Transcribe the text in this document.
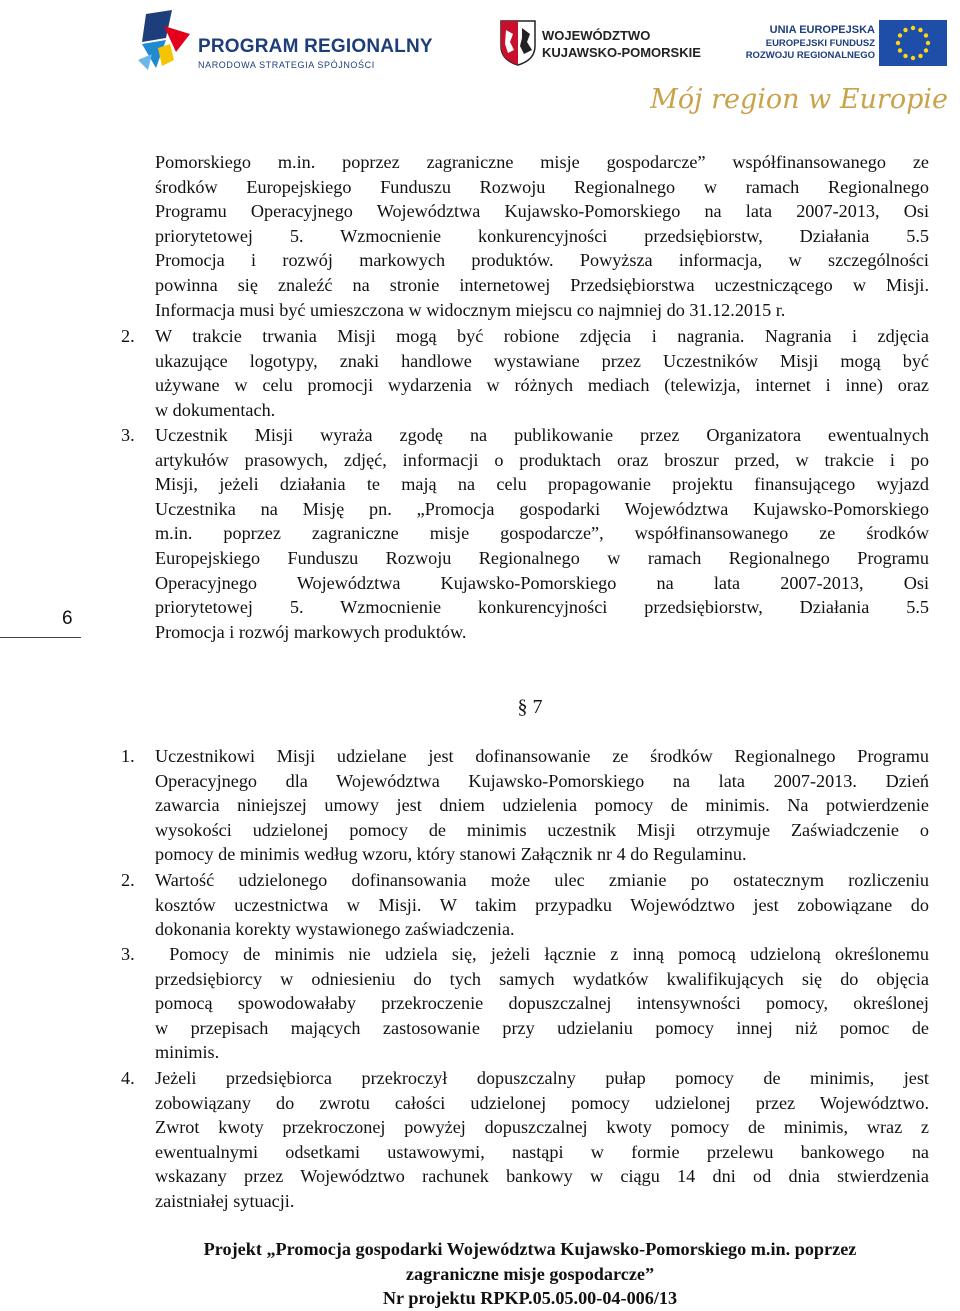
PROGRAM REGIONALNY
NARODOWA STRATEGIA SPÓJNOŚCI
WOJEWÓDZTWO
KUJAWSKO-POMORSKIE
UNIA EUROPEJSKA
EUROPEJSKI FUNDUSZ
ROZWOJU REGIONALNEGO
Mój region w Europie
6
Pomorskiego m.in. poprzez zagraniczne misje gospodarcze” współfinansowanego ze
środków Europejskiego Funduszu Rozwoju Regionalnego w ramach Regionalnego
Programu Operacyjnego Województwa Kujawsko-Pomorskiego na lata 2007-2013, Osi
priorytetowej 5. Wzmocnienie konkurencyjności przedsiębiorstw, Działania 5.5
Promocja i rozwój markowych produktów. Powyższa informacja, w szczególności
powinna się znaleźć na stronie internetowej Przedsiębiorstwa uczestniczącego w Misji.
Informacja musi być umieszczona w widocznym miejscu co najmniej do 31.12.2015 r.
2. W trakcie trwania Misji mogą być robione zdjęcia i nagrania. Nagrania i zdjęcia
ukazujące logotypy, znaki handlowe wystawiane przez Uczestników Misji mogą być
używane w celu promocji wydarzenia w różnych mediach (telewizja, internet i inne) oraz
w dokumentach.
3. Uczestnik Misji wyraża zgodę na publikowanie przez Organizatora ewentualnych
artykułów prasowych, zdjęć, informacji o produktach oraz broszur przed, w trakcie i po
Misji, jeżeli działania te mają na celu propagowanie projektu finansującego wyjazd
Uczestnika na Misję pn. „Promocja gospodarki Województwa Kujawsko-Pomorskiego
m.in. poprzez zagraniczne misje gospodarcze”, współfinansowanego ze środków
Europejskiego Funduszu Rozwoju Regionalnego w ramach Regionalnego Programu
Operacyjnego Województwa Kujawsko-Pomorskiego na lata 2007-2013, Osi
priorytetowej 5. Wzmocnienie konkurencyjności przedsiębiorstw, Działania 5.5
Promocja i rozwój markowych produktów.
§ 7
1. Uczestnikowi Misji udzielane jest dofinansowanie ze środków Regionalnego Programu
Operacyjnego dla Województwa Kujawsko-Pomorskiego na lata 2007-2013. Dzień
zawarcia niniejszej umowy jest dniem udzielenia pomocy de minimis. Na potwierdzenie
wysokości udzielonej pomocy de minimis uczestnik Misji otrzymuje Zaświadczenie o
pomocy de minimis według wzoru, który stanowi Załącznik nr 4 do Regulaminu.
2. Wartość udzielonego dofinansowania może ulec zmianie po ostatecznym rozliczeniu
kosztów uczestnictwa w Misji. W takim przypadku Województwo jest zobowiązane do
dokonania korekty wystawionego zaświadczenia.
3. Pomocy de minimis nie udziela się, jeżeli łącznie z inną pomocą udzieloną określonemu
przedsiębiorcy w odniesieniu do tych samych wydatków kwalifikujących się do objęcia
pomocą spowodowałaby przekroczenie dopuszczalnej intensywności pomocy, określonej
w przepisach mających zastosowanie przy udzielaniu pomocy innej niż pomoc de
minimis.
4. Jeżeli przedsiębiorca przekroczył dopuszczalny pułap pomocy de minimis, jest
zobowiązany do zwrotu całości udzielonej pomocy udzielonej przez Województwo.
Zwrot kwoty przekroczonej powyżej dopuszczalnej kwoty pomocy de minimis, wraz z
ewentualnymi odsetkami ustawowymi, nastąpi w formie przelewu bankowego na
wskazany przez Województwo rachunek bankowy w ciągu 14 dni od dnia stwierdzenia
zaistniałej sytuacji.
Projekt „Promocja gospodarki Województwa Kujawsko-Pomorskiego m.in. poprzez
zagraniczne misje gospodarcze”
Nr projektu RPKP.05.05.00-04-006/13
